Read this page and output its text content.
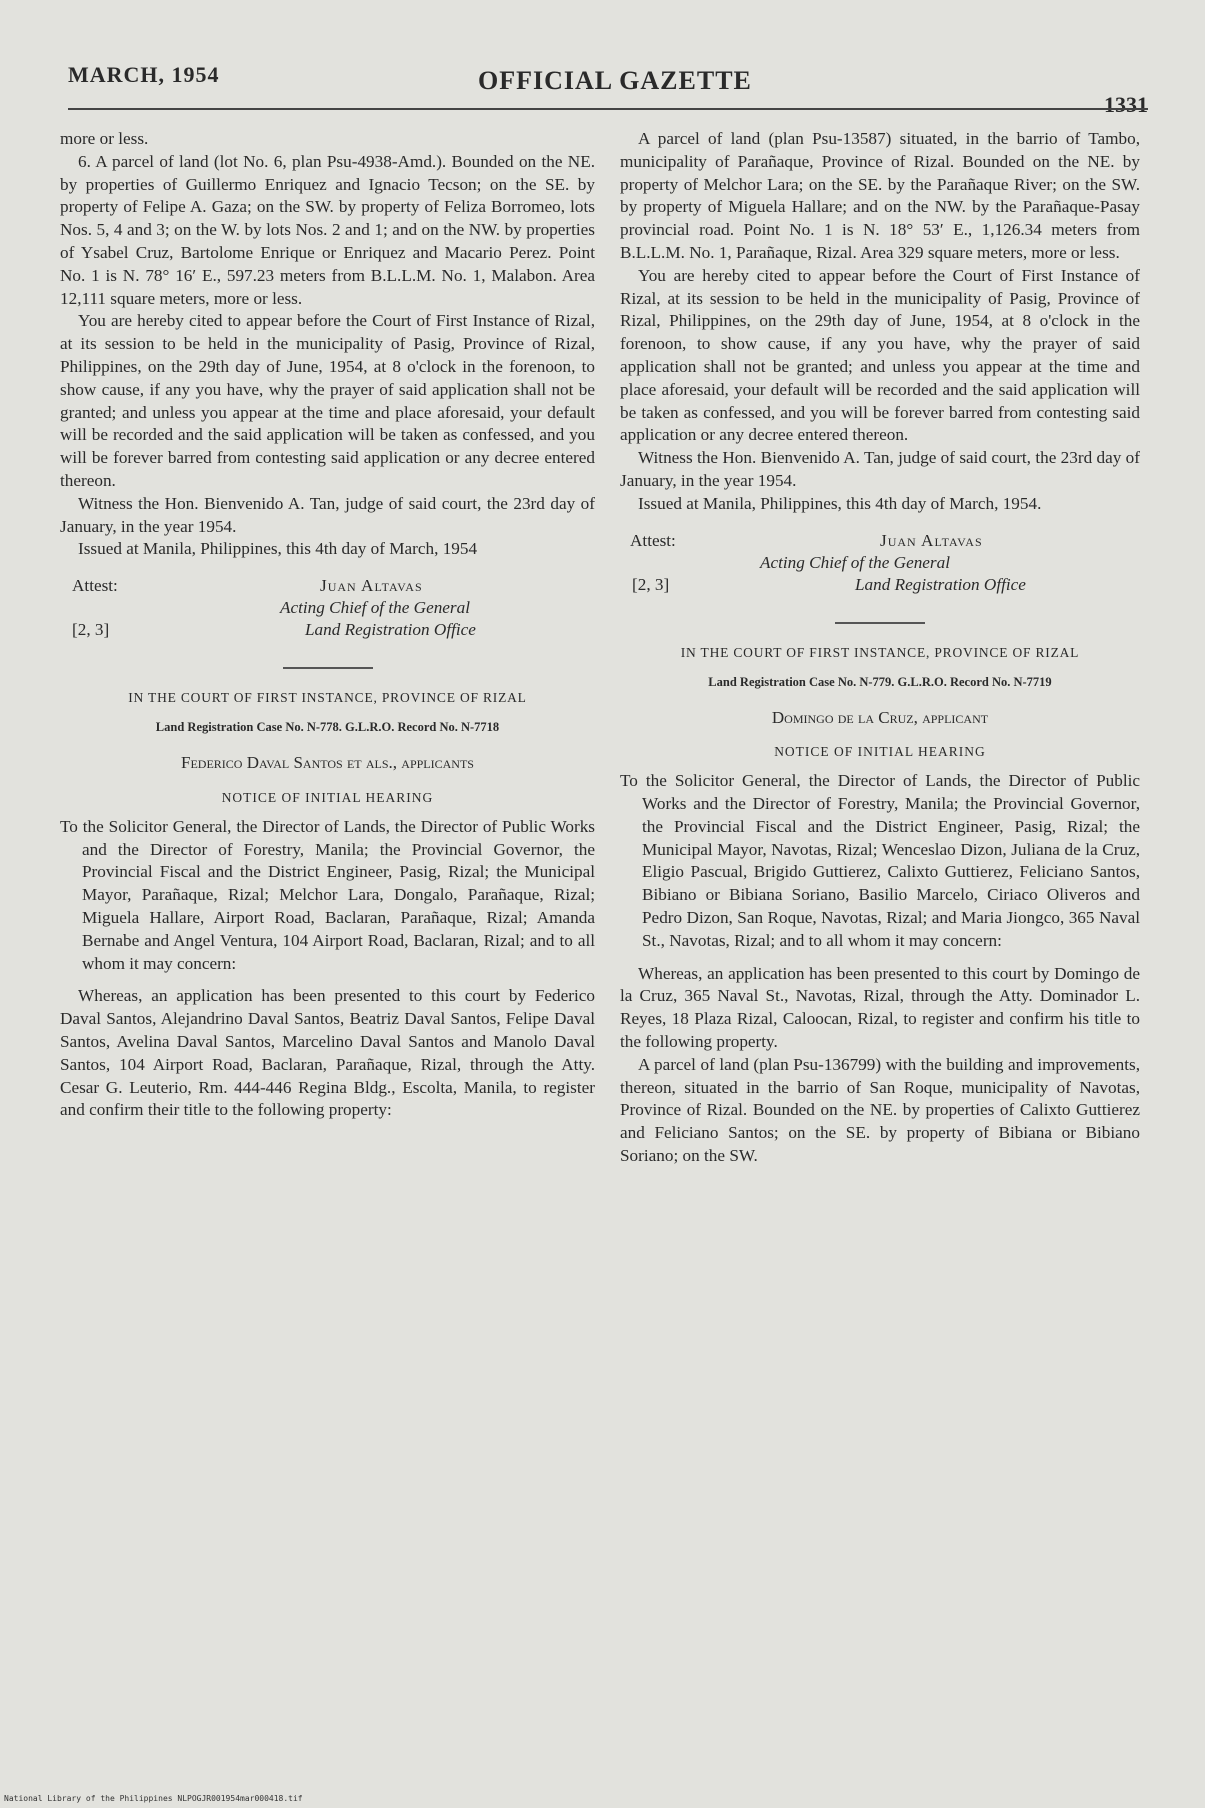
MARCH, 1954	OFFICIAL GAZETTE
1331

more or less.

6. A parcel of land (lot No. 6, plan Psu-4938-Amd.). Bounded on the NE. by properties of Guillermo Enriquez and Ignacio Tecson; on the SE. by property of Felipe A. Gaza; on the SW. by property of Feliza Borromeo, lots Nos. 5, 4 and 3; on the W. by lots Nos. 2 and 1; and on the NW. by properties of Ysabel Cruz, Bartolome Enrique or Enriquez and Macario Perez. Point No. 1 is N. 78° 16′ E., 597.23 meters from B.L.L.M. No. 1, Malabon. Area 12,111 square meters, more or less.

You are hereby cited to appear before the Court of First Instance of Rizal, at its session to be held in the municipality of Pasig, Province of Rizal, Philippines, on the 29th day of June, 1954, at 8 o'clock in the forenoon, to show cause, if any you have, why the prayer of said application shall not be granted; and unless you appear at the time and place aforesaid, your default will be recorded and the said application will be taken as confessed, and you will be forever barred from contesting said application or any decree entered thereon.

Witness the Hon. Bienvenido A. Tan, judge of said court, the 23rd day of January, in the year 1954.

Issued at Manila, Philippines, this 4th day of March, 1954

Attest:	Juan Altavas
Acting Chief of the General
[2, 3]	Land Registration Office
IN THE COURT OF FIRST INSTANCE, PROVINCE OF RIZAL
Land Registration Case No. N-778. G.L.R.O. Record No. N-7718
Federico Daval Santos et als., applicants
NOTICE OF INITIAL HEARING

To the Solicitor General, the Director of Lands, the Director of Public Works and the Director of Forestry, Manila; the Provincial Governor, the Provincial Fiscal and the District Engineer, Pasig, Rizal; the Municipal Mayor, Parañaque, Rizal; Melchor Lara, Dongalo, Parañaque, Rizal; Miguela Hallare, Airport Road, Baclaran, Parañaque, Rizal; Amanda Bernabe and Angel Ventura, 104 Airport Road, Baclaran, Rizal; and to all whom it may concern:

Whereas, an application has been presented to this court by Federico Daval Santos, Alejandrino Daval Santos, Beatriz Daval Santos, Felipe Daval Santos, Avelina Daval Santos, Marcelino Daval Santos and Manolo Daval Santos, 104 Airport Road, Baclaran, Parañaque, Rizal, through the Atty. Cesar G. Leuterio, Rm. 444-446 Regina Bldg., Escolta, Manila, to register and confirm their title to the following property:

A parcel of land (plan Psu-13587) situated, in the barrio of Tambo, municipality of Parañaque, Province of Rizal. Bounded on the NE. by property of Melchor Lara; on the SE. by the Parañaque River; on the SW. by property of Miguela Hallare; and on the NW. by the Parañaque-Pasay provincial road. Point No. 1 is N. 18° 53′ E., 1,126.34 meters from B.L.L.M. No. 1, Parañaque, Rizal. Area 329 square meters, more or less.

You are hereby cited to appear before the Court of First Instance of Rizal, at its session to be held in the municipality of Pasig, Province of Rizal, Philippines, on the 29th day of June, 1954, at 8 o'clock in the forenoon, to show cause, if any you have, why the prayer of said application shall not be granted; and unless you appear at the time and place aforesaid, your default will be recorded and the said application will be taken as confessed, and you will be forever barred from contesting said application or any decree entered thereon.

Witness the Hon. Bienvenido A. Tan, judge of said court, the 23rd day of January, in the year 1954.

Issued at Manila, Philippines, this 4th day of March, 1954.

Attest:	Juan Altavas
Acting Chief of the General
[2, 3]	Land Registration Office
IN THE COURT OF FIRST INSTANCE, PROVINCE OF RIZAL
Land Registration Case No. N-779. G.L.R.O. Record No. N-7719
Domingo de la Cruz, applicant
NOTICE OF INITIAL HEARING

To the Solicitor General, the Director of Lands, the Director of Public Works and the Director of Forestry, Manila; the Provincial Governor, the Provincial Fiscal and the District Engineer, Pasig, Rizal; the Municipal Mayor, Navotas, Rizal; Wenceslao Dizon, Juliana de la Cruz, Eligio Pascual, Brigido Guttierez, Calixto Guttierez, Feliciano Santos, Bibiano or Bibiana Soriano, Basilio Marcelo, Ciriaco Oliveros and Pedro Dizon, San Roque, Navotas, Rizal; and Maria Jiongco, 365 Naval St., Navotas, Rizal; and to all whom it may concern:

Whereas, an application has been presented to this court by Domingo de la Cruz, 365 Naval St., Navotas, Rizal, through the Atty. Dominador L. Reyes, 18 Plaza Rizal, Caloocan, Rizal, to register and confirm his title to the following property.

A parcel of land (plan Psu-136799) with the building and improvements, thereon, situated in the barrio of San Roque, municipality of Navotas, Province of Rizal. Bounded on the NE. by properties of Calixto Guttierez and Feliciano Santos; on the SE. by property of Bibiana or Bibiano Soriano; on the SW.

National Library of the Philippines NLPOGJR001954mar000418.tif
